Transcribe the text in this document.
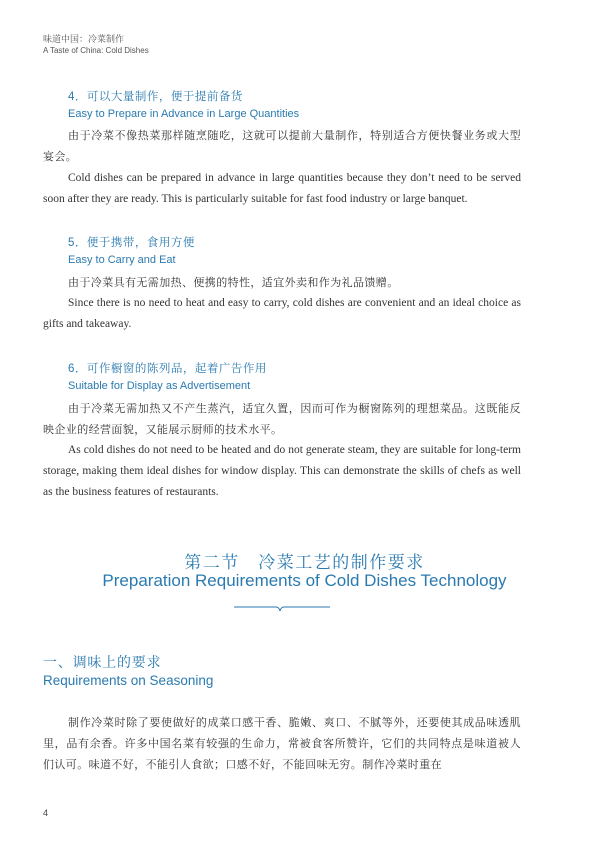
味道中国：冷菜制作
A Taste of China: Cold Dishes
4．可以大量制作，便于提前备货
Easy to Prepare in Advance in Large Quantities
由于冷菜不像热菜那样随烹随吃，这就可以提前大量制作，特别适合方便快餐业务或大型宴会。
Cold dishes can be prepared in advance in large quantities because they don’t need to be served soon after they are ready. This is particularly suitable for fast food industry or large banquet.
5．便于携带，食用方便
Easy to Carry and Eat
由于冷菜具有无需加热、便携的特性，适宜外卖和作为礼品馈赠。
Since there is no need to heat and easy to carry, cold dishes are convenient and an ideal choice as gifts and takeaway.
6．可作橱窗的陈列品，起着广告作用
Suitable for Display as Advertisement
由于冷菜无需加热又不产生蒸汽，适宜久置，因而可作为橱窗陈列的理想菜品。这既能反映企业的经营面貌，又能展示厨师的技术水平。
As cold dishes do not need to be heated and do not generate steam, they are suitable for long-term storage, making them ideal dishes for window display. This can demonstrate the skills of chefs as well as the business features of restaurants.
第二节　冷菜工艺的制作要求
Preparation Requirements of Cold Dishes Technology
一、调味上的要求
Requirements on Seasoning
制作冷菜时除了要使做好的成菜口感干香、脆嫩、爽口、不腻等外，还要使其成品味透肌里，品有余香。许多中国名菜有较强的生命力，常被食客所赞许，它们的共同特点是味道被人们认可。味道不好，不能引人食欲；口感不好，不能回味无穷。制作冷菜时重在
4
